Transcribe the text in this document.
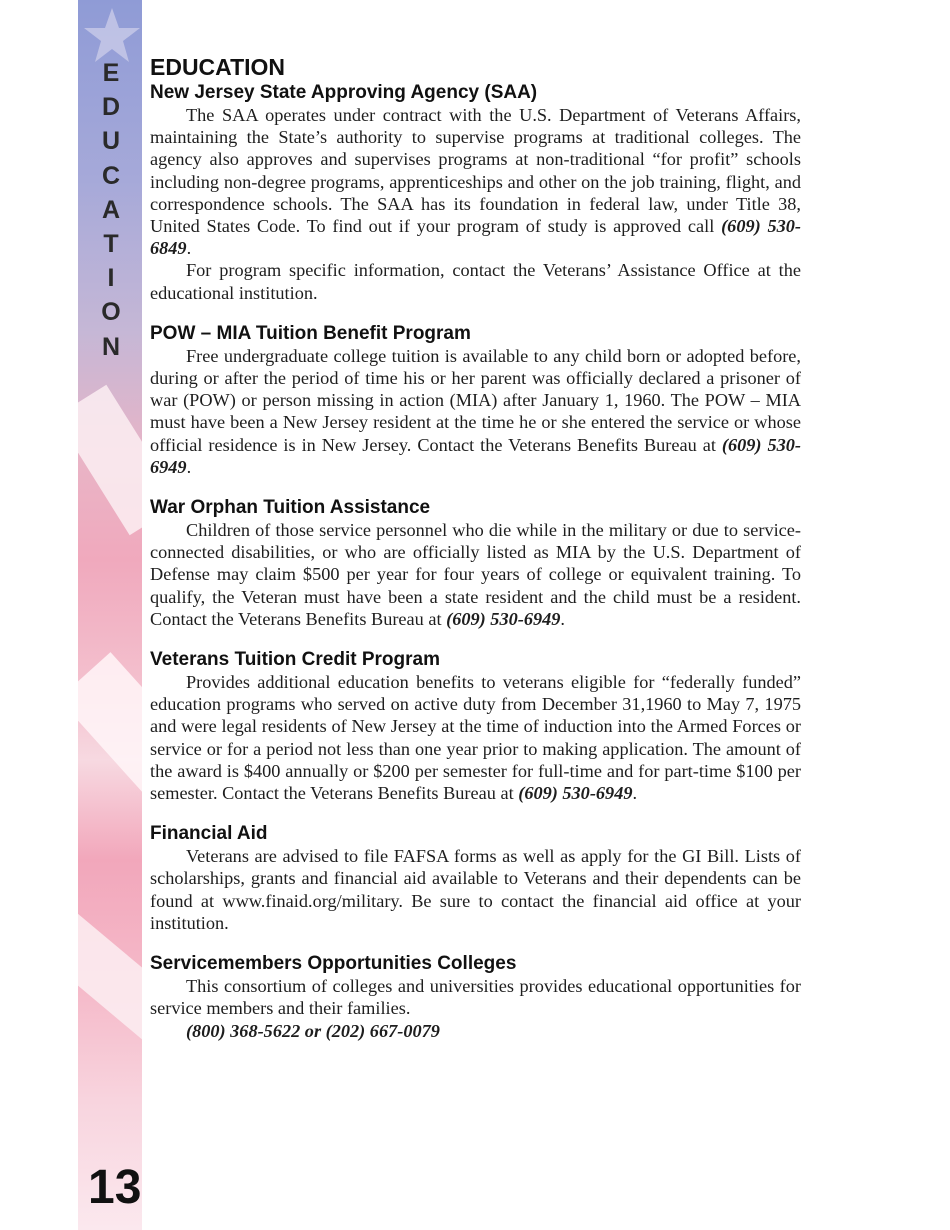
E
D
U
C
A
T
I
O
N
13
EDUCATION
New Jersey State Approving Agency (SAA)

The SAA operates under contract with the U.S. Department of Veterans Affairs, maintaining the State’s authority to supervise programs at traditional colleges. The agency also approves and supervises programs at non-traditional “for profit” schools including non-degree programs, apprenticeships and other on the job training, flight, and correspondence schools. The SAA has its foundation in federal law, under Title 38, United States Code. To find out if your program of study is approved call (609) 530-6849.

For program specific information, contact the Veterans’ Assistance Office at the educational institution.

POW – MIA Tuition Benefit Program

Free undergraduate college tuition is available to any child born or adopted before, during or after the period of time his or her parent was officially declared a prisoner of war (POW) or person missing in action (MIA) after January 1, 1960. The POW – MIA must have been a New Jersey resident at the time he or she entered the service or whose official residence is in New Jersey. Contact the Veterans Benefits Bureau at (609) 530-6949.

War Orphan Tuition Assistance

Children of those service personnel who die while in the military or due to service-connected disabilities, or who are officially listed as MIA by the U.S. Department of Defense may claim $500 per year for four years of college or equivalent training. To qualify, the Veteran must have been a state resident and the child must be a resident. Contact the Veterans Benefits Bureau at (609) 530-6949.

Veterans Tuition Credit Program

Provides additional education benefits to veterans eligible for “federally funded” education programs who served on active duty from December 31,1960 to May 7, 1975 and were legal residents of New Jersey at the time of induction into the Armed Forces or service or for a period not less than one year prior to making application. The amount of the award is $400 annually or $200 per semester for full-time and for part-time $100 per semester. Contact the Veterans Benefits Bureau at (609) 530-6949.

Financial Aid

Veterans are advised to file FAFSA forms as well as apply for the GI Bill. Lists of scholarships, grants and financial aid available to Veterans and their dependents can be found at www.finaid.org/military. Be sure to contact the financial aid office at your institution.

Servicemembers Opportunities Colleges

This consortium of colleges and universities provides educational opportunities for service members and their families.

(800) 368-5622 or (202) 667-0079
